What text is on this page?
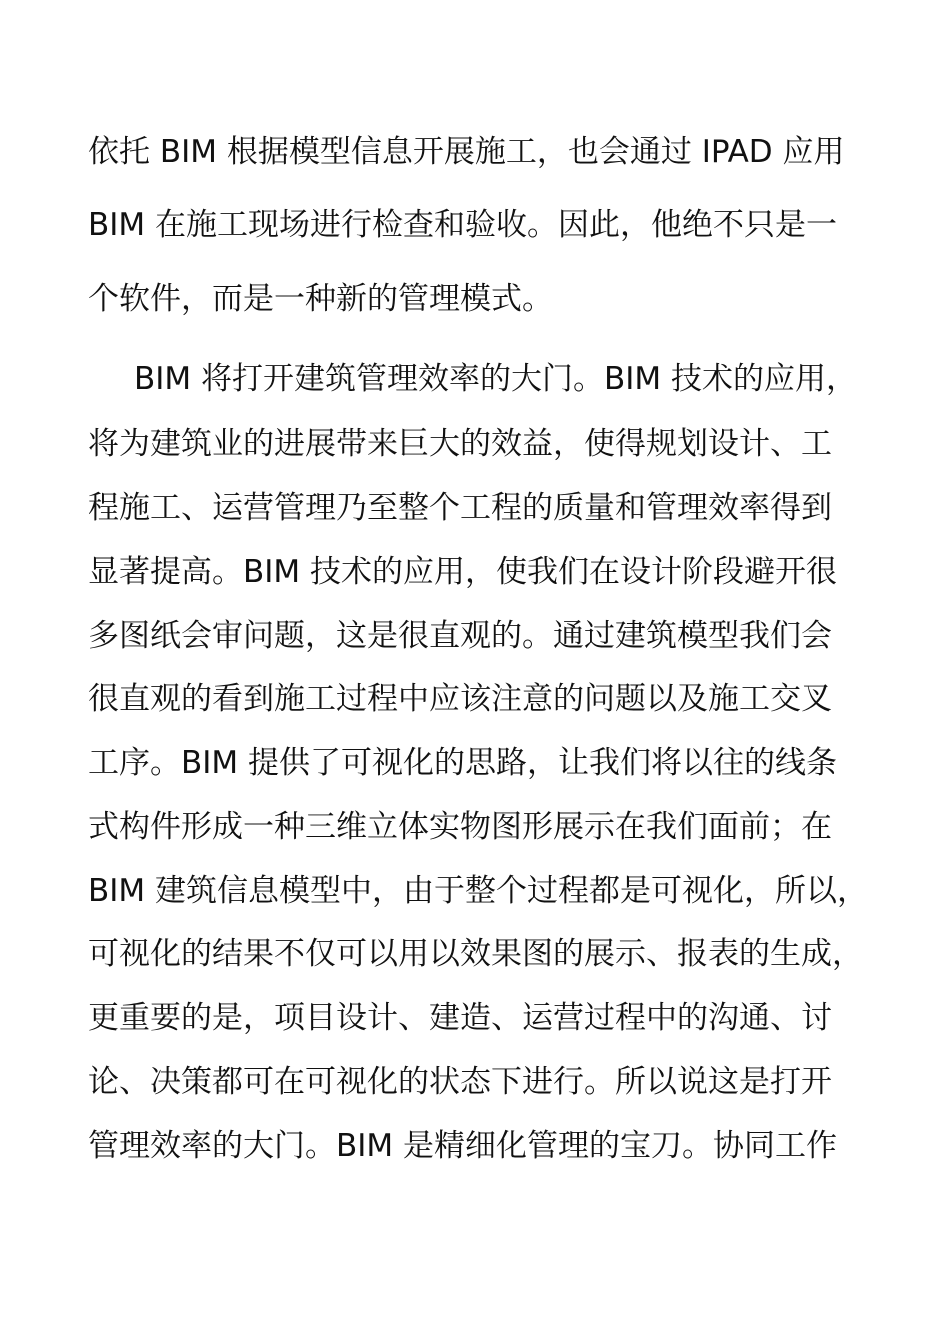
依托 BIM 根据模型信息开展施工，也会通过 IPAD 应用
BIM 在施工现场进行检查和验收。因此，他绝不只是一
个软件，而是一种新的管理模式。
BIM 将打开建筑管理效率的大门。BIM 技术的应用，
将为建筑业的进展带来巨大的效益，使得规划设计、工
程施工、运营管理乃至整个工程的质量和管理效率得到
显著提高。BIM 技术的应用，使我们在设计阶段避开很
多图纸会审问题，这是很直观的。通过建筑模型我们会
很直观的看到施工过程中应该注意的问题以及施工交叉
工序。BIM 提供了可视化的思路，让我们将以往的线条
式构件形成一种三维立体实物图形展示在我们面前；在
BIM 建筑信息模型中，由于整个过程都是可视化，所以，
可视化的结果不仅可以用以效果图的展示、报表的生成，
更重要的是，项目设计、建造、运营过程中的沟通、讨
论、决策都可在可视化的状态下进行。所以说这是打开
管理效率的大门。BIM 是精细化管理的宝刀。协同工作
